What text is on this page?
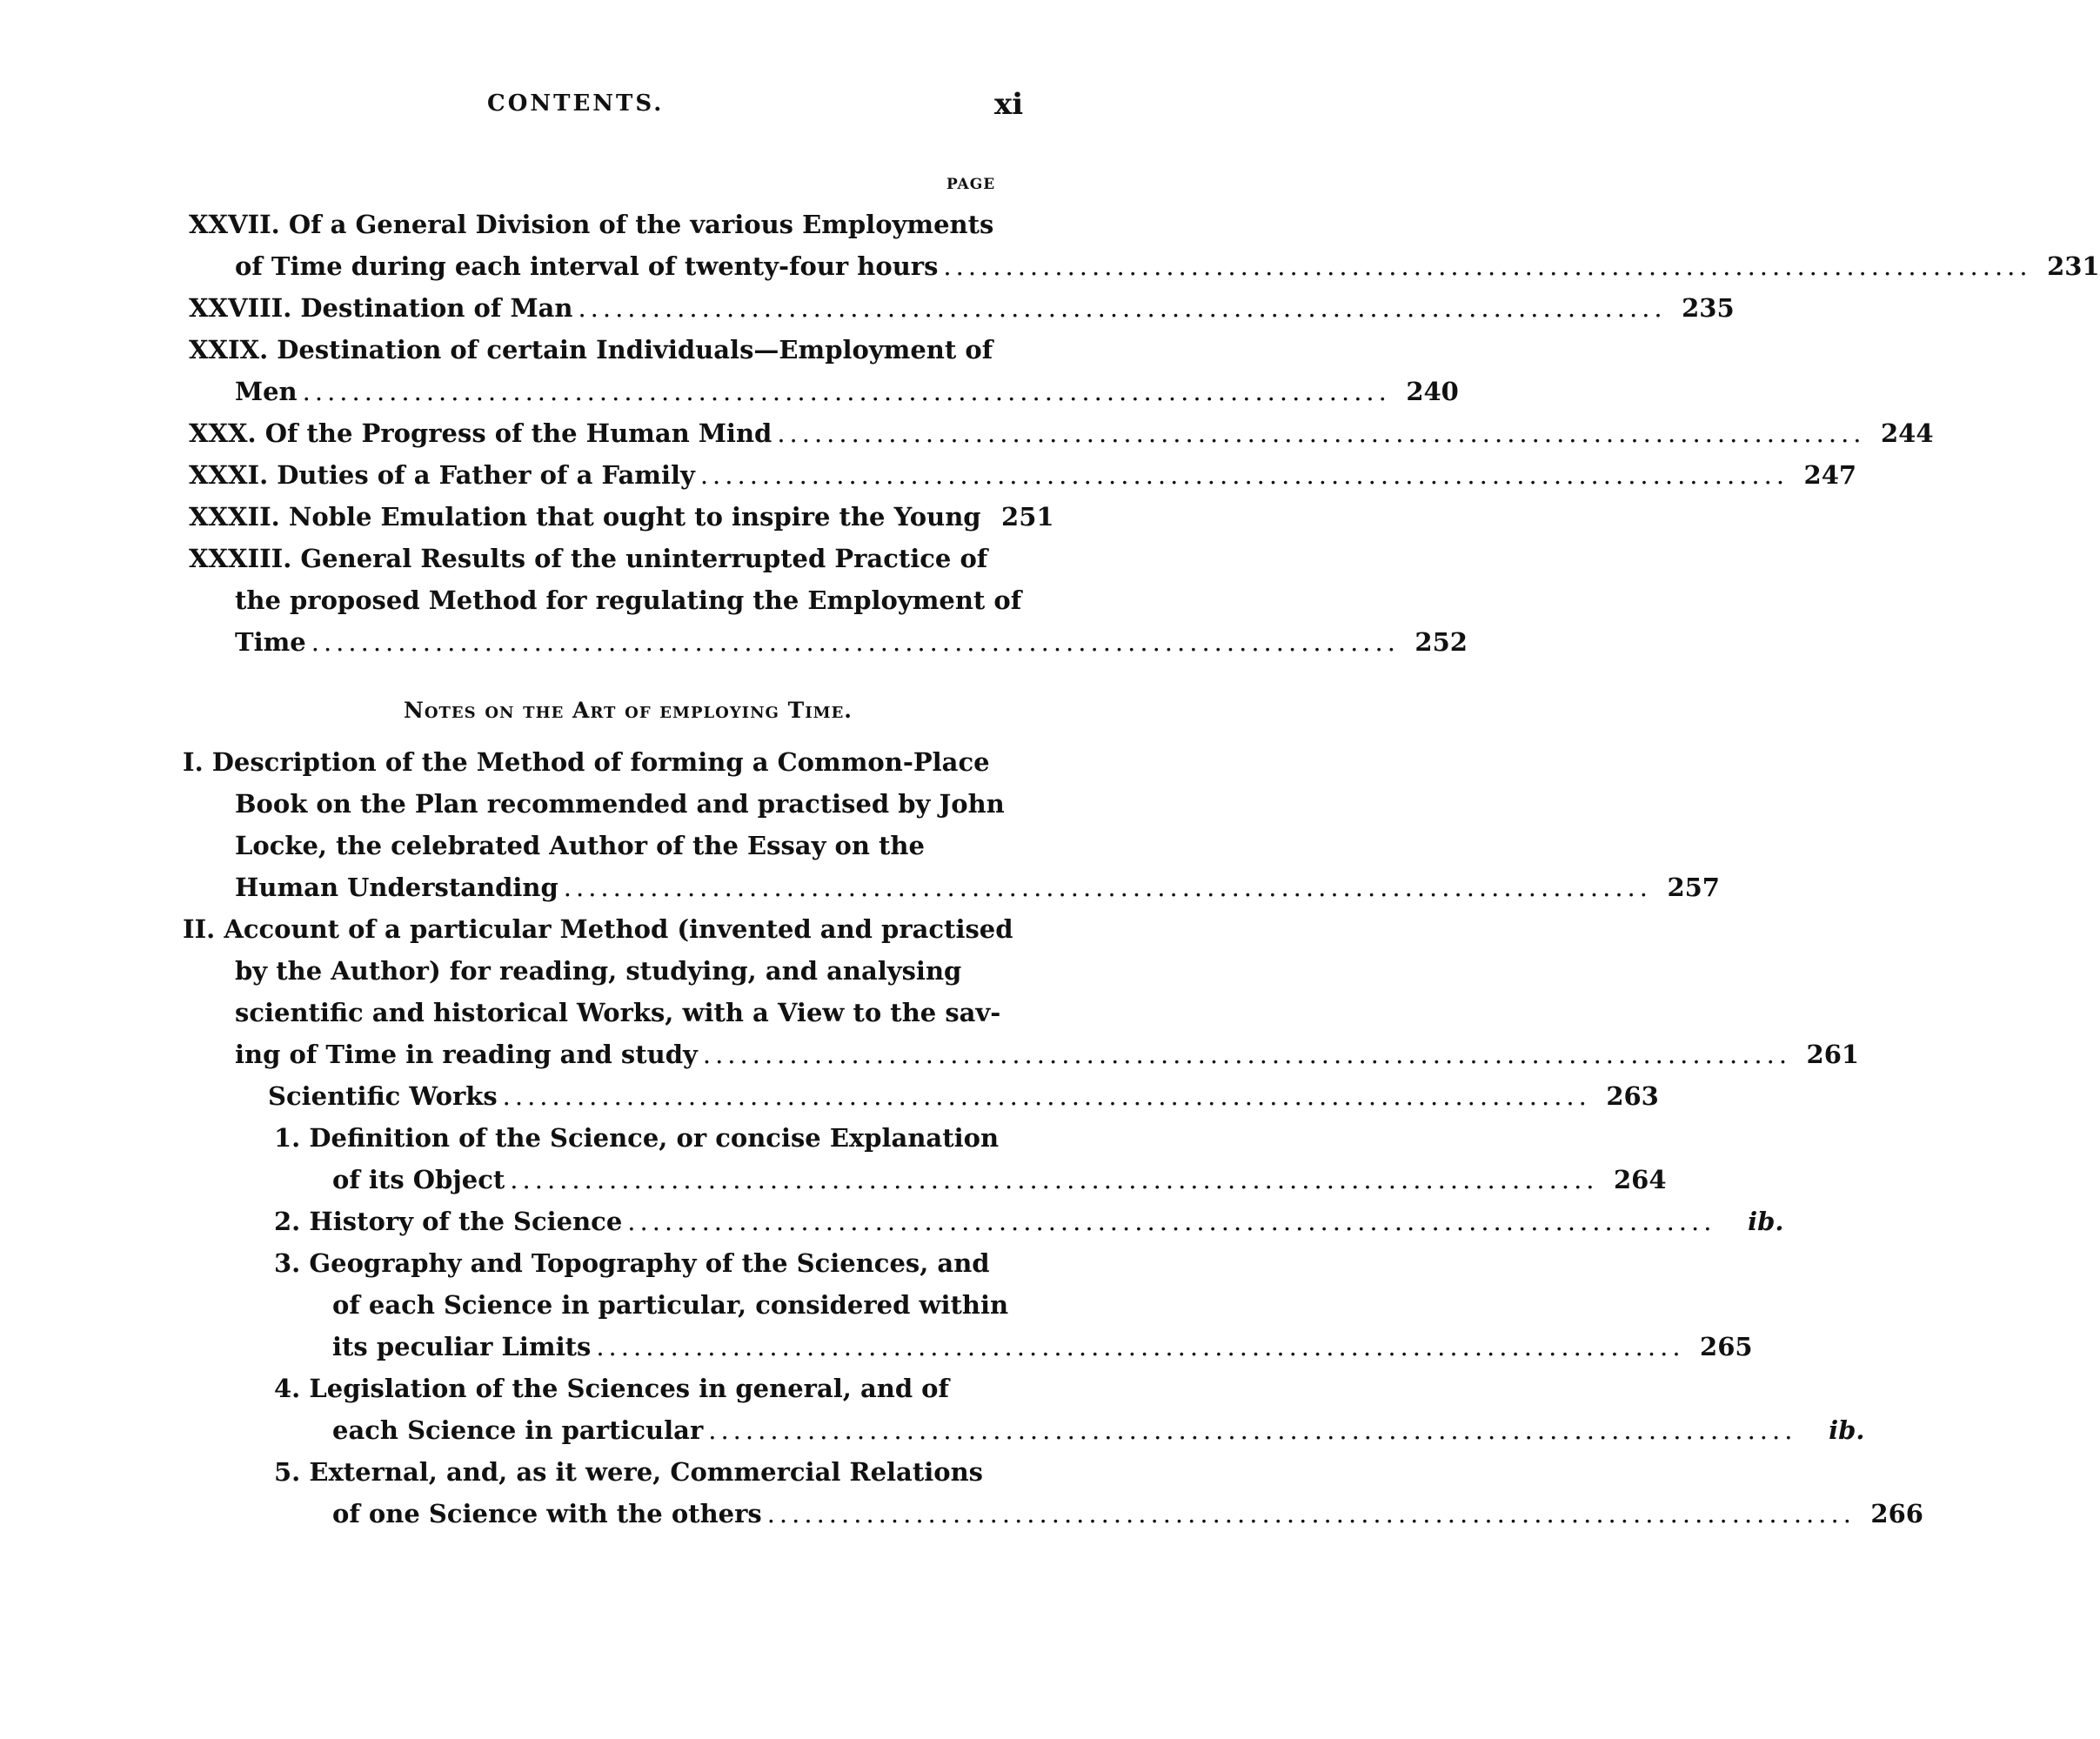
CONTENTS.	xi
PAGE
XXVII. Of a General Division of the various Employments
of Time during each interval of twenty-four hours ........................................................................................ 231
XXVIII. Destination of Man ........................................................................................ 235
XXIX. Destination of certain Individuals—Employment of
Men ........................................................................................ 240
XXX. Of the Progress of the Human Mind ........................................................................................ 244
XXXI. Duties of a Father of a Family ........................................................................................ 247
XXXII. Noble Emulation that ought to inspire the Young 251
XXXIII. General Results of the uninterrupted Practice of
the proposed Method for regulating the Employment of
Time ........................................................................................ 252
Notes on the Art of employing Time.
I. Description of the Method of forming a Common-Place
Book on the Plan recommended and practised by John
Locke, the celebrated Author of the Essay on the
Human Understanding ........................................................................................ 257
II. Account of a particular Method (invented and practised
by the Author) for reading, studying, and analysing
scientific and historical Works, with a View to the sav-
ing of Time in reading and study ........................................................................................ 261
Scientific Works ........................................................................................ 263
1. Definition of the Science, or concise Explanation
of its Object ........................................................................................ 264
2. History of the Science ........................................................................................	ib.
3. Geography and Topography of the Sciences, and
of each Science in particular, considered within
its peculiar Limits ........................................................................................ 265
4. Legislation of the Sciences in general, and of
each Science in particular ........................................................................................	ib.
5. External, and, as it were, Commercial Relations
of one Science with the others ........................................................................................ 266
